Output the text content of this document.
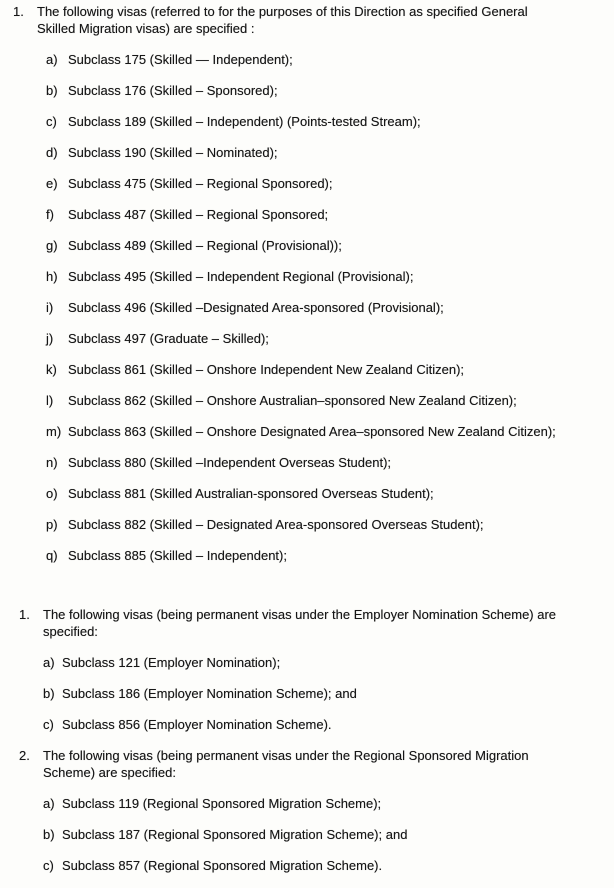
1.	The following visas (referred to for the purposes of this Direction as specified General
Skilled Migration visas) are specified :
a) Subclass 175 (Skilled — Independent);
b) Subclass 176 (Skilled – Sponsored);
c) Subclass 189 (Skilled – Independent) (Points-tested Stream);
d) Subclass 190 (Skilled – Nominated);
e) Subclass 475 (Skilled – Regional Sponsored);
f)	Subclass 487 (Skilled – Regional Sponsored;
g) Subclass 489 (Skilled – Regional (Provisional));
h) Subclass 495 (Skilled – Independent Regional (Provisional);
i)	Subclass 496 (Skilled –Designated Area-sponsored (Provisional);
j)	Subclass 497 (Graduate – Skilled);
k) Subclass 861 (Skilled – Onshore Independent New Zealand Citizen);
l)	Subclass 862 (Skilled – Onshore Australian–sponsored New Zealand Citizen);
m) Subclass 863 (Skilled – Onshore Designated Area–sponsored New Zealand Citizen);
n) Subclass 880 (Skilled –Independent Overseas Student);
o) Subclass 881 (Skilled Australian-sponsored Overseas Student);
p) Subclass 882 (Skilled – Designated Area-sponsored Overseas Student);
q) Subclass 885 (Skilled – Independent);
1.	The following visas (being permanent visas under the Employer Nomination Scheme) are
specified:
a) Subclass 121 (Employer Nomination);
b) Subclass 186 (Employer Nomination Scheme); and
c) Subclass 856 (Employer Nomination Scheme).
2.	The following visas (being permanent visas under the Regional Sponsored Migration
Scheme) are specified:
a) Subclass 119 (Regional Sponsored Migration Scheme);
b) Subclass 187 (Regional Sponsored Migration Scheme); and
c) Subclass 857 (Regional Sponsored Migration Scheme).
